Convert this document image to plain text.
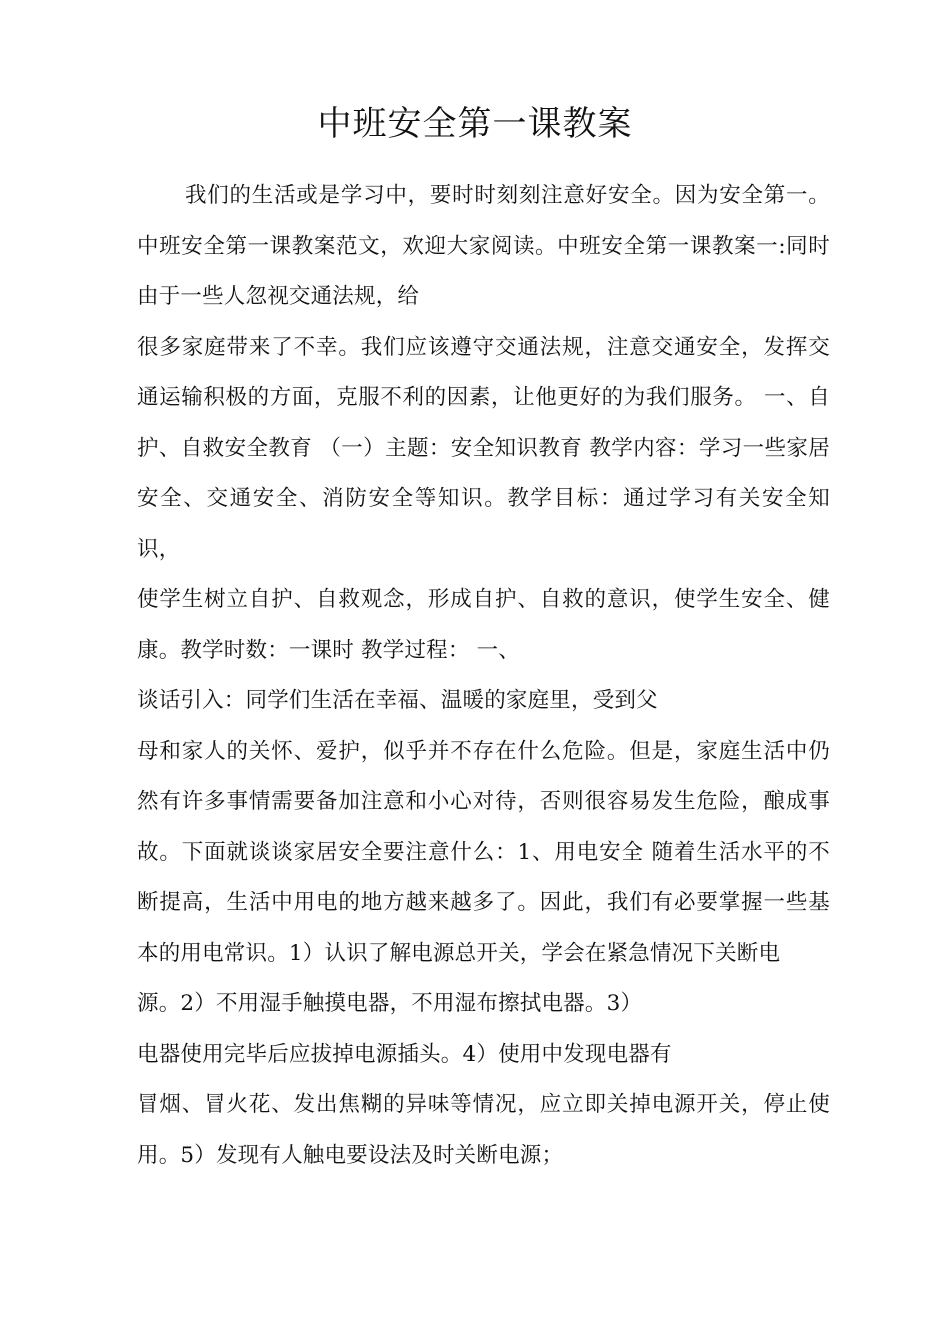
中班安全第一课教案

我们的生活或是学习中，要时时刻刻注意好安全。因为安全第一。中班安全第一课教案范文，欢迎大家阅读。中班安全第一课教案一:同时由于一些人忽视交通法规，给

很多家庭带来了不幸。我们应该遵守交通法规，注意交通安全，发挥交通运输积极的方面，克服不利的因素，让他更好的为我们服务。 一、自护、自救安全教育 （一）主题：安全知识教育 教学内容：学习一些家居安全、交通安全、消防安全等知识。教学目标：通过学习有关安全知识，

使学生树立自护、自救观念，形成自护、自救的意识，使学生安全、健康。教学时数：一课时 教学过程： 一、

谈话引入：同学们生活在幸福、温暖的家庭里，受到父

母和家人的关怀、爱护，似乎并不存在什么危险。但是，家庭生活中仍然有许多事情需要备加注意和小心对待，否则很容易发生危险，酿成事故。下面就谈谈家居安全要注意什么：1、用电安全 随着生活水平的不断提高，生活中用电的地方越来越多了。因此，我们有必要掌握一些基本的用电常识。1）认识了解电源总开关，学会在紧急情况下关断电

源。2）不用湿手触摸电器，不用湿布擦拭电器。3）

电器使用完毕后应拔掉电源插头。4）使用中发现电器有

冒烟、冒火花、发出焦糊的异味等情况，应立即关掉电源开关，停止使用。5）发现有人触电要设法及时关断电源；
